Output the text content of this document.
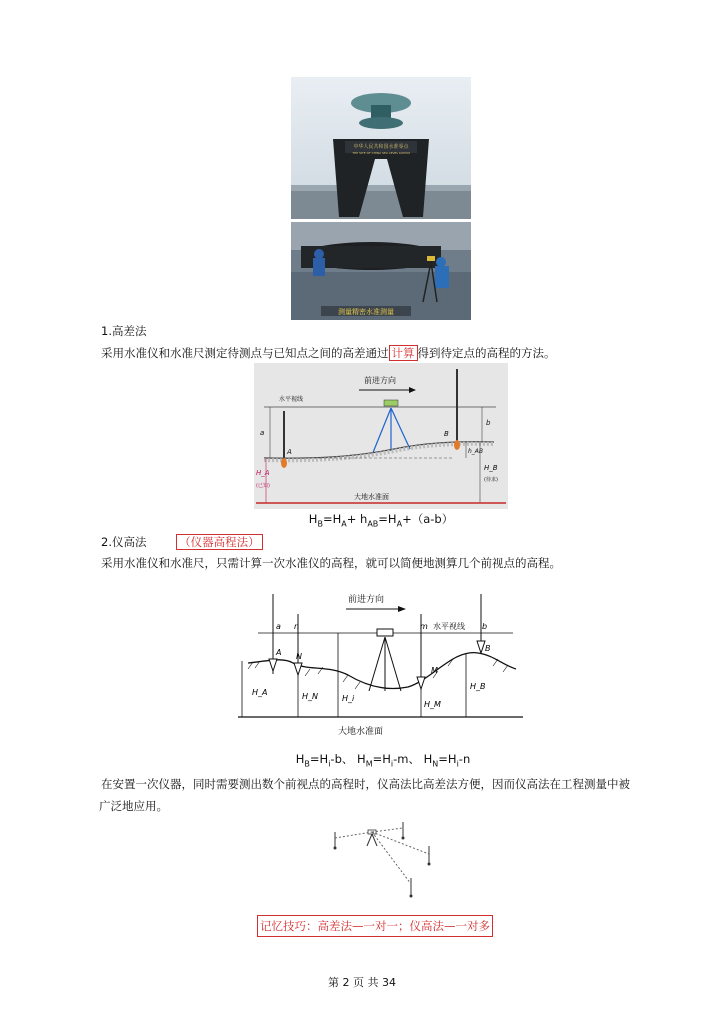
中华人民共和国水准零点
THE SITE OF CHINA SEA LEVEL DATUM
测量精密水准测量
1.高差法
采用水准仪和水准尺测定待测点与已知点之间的高差通过 计算 得到待定点的高程的方法。
前进方向
水平视线
A
B
a
b
h_AB
H_A
(已知)
H_B
(待求)
大地水准面
$H_B=H_A+ h_{AB}=H_A+(a-b)$
2.仪高法	（仪器高程法）
采用水准仪和水准尺，只需计算一次水准仪的高程，就可以简便地测算几个前视点的高程。
前进方向
水平视线
a n	m	b
A N
M
B
H_A	H_N	H_i
H_M
H_B
大地水准面
$H_B=H_i-b$、 $H_M=H_i-m$、 $H_N=H_i-n$
在安置一次仪器，同时需要测出数个前视点的高程时，仪高法比高差法方便，因而仪高法在工程测量中被
广泛地应用。
记忆技巧：高差法—一对一；仪高法—一对多
第 2 页 共 34
